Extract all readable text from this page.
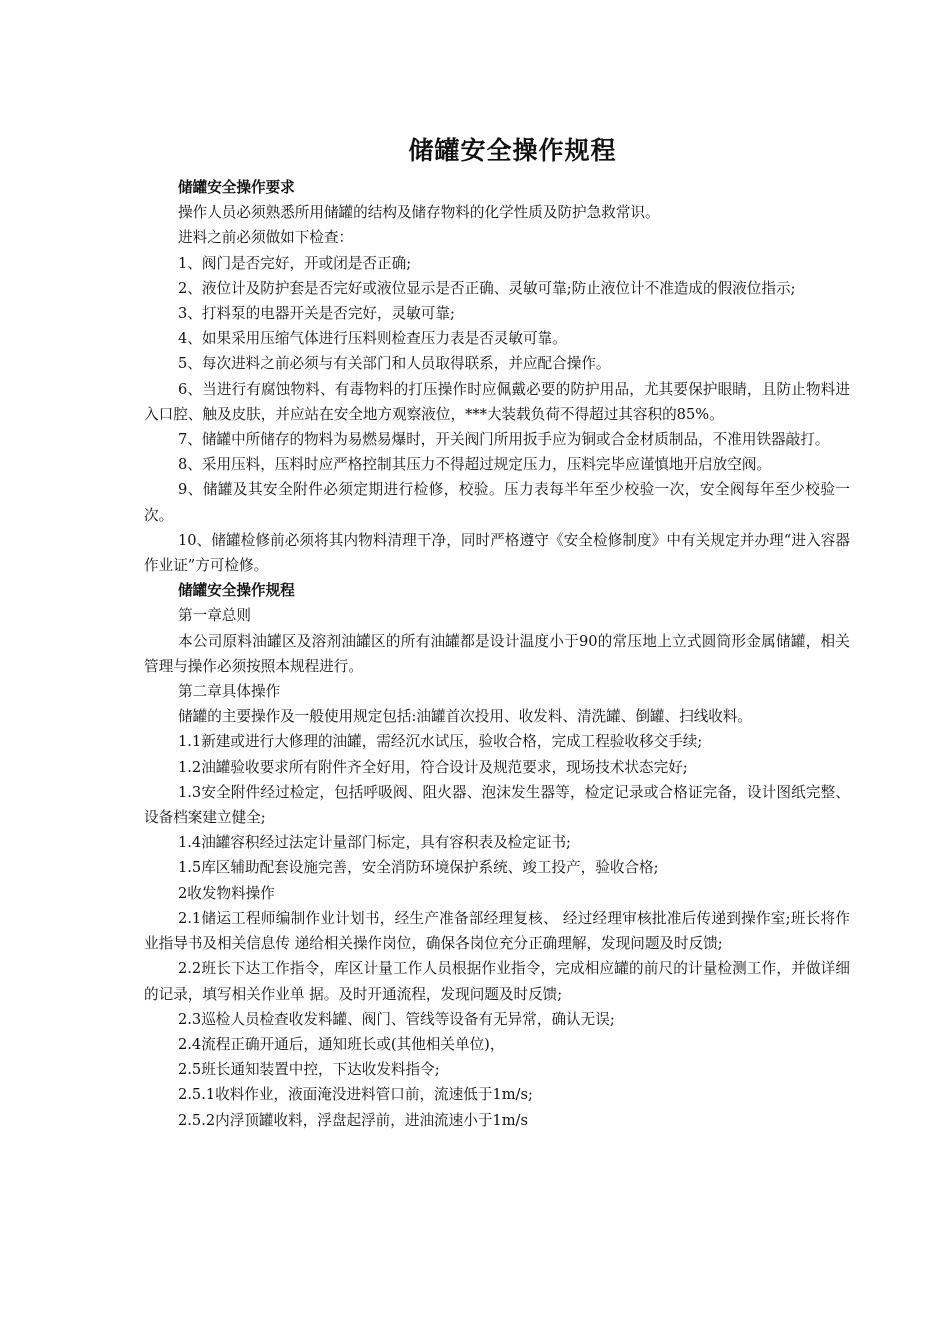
储罐安全操作规程

储罐安全操作要求

操作人员必须熟悉所用储罐的结构及储存物料的化学性质及防护急救常识。

进料之前必须做如下检查：

1、阀门是否完好，开或闭是否正确;

2、液位计及防护套是否完好或液位显示是否正确、灵敏可靠;防止液位计不准造成的假液位指示;

3、打料泵的电器开关是否完好，灵敏可靠;

4、如果采用压缩气体进行压料则检查压力表是否灵敏可靠。

5、每次进料之前必须与有关部门和人员取得联系，并应配合操作。

6、当进行有腐蚀物料、有毒物料的打压操作时应佩戴必要的防护用品，尤其要保护眼睛，且防止物料进入口腔、触及皮肤，并应站在安全地方观察液位，***大装载负荷不得超过其容积的85%。

7、储罐中所储存的物料为易燃易爆时，开关阀门所用扳手应为铜或合金材质制品，不准用铁器敲打。

8、采用压料，压料时应严格控制其压力不得超过规定压力，压料完毕应谨慎地开启放空阀。

9、储罐及其安全附件必须定期进行检修，校验。压力表每半年至少校验一次，安全阀每年至少校验一次。

10、储罐检修前必须将其内物料清理干净，同时严格遵守《安全检修制度》中有关规定并办理“进入容器作业证”方可检修。

储罐安全操作规程

第一章总则

本公司原料油罐区及溶剂油罐区的所有油罐都是设计温度小于90的常压地上立式圆筒形金属储罐，相关管理与操作必须按照本规程进行。

第二章具体操作

储罐的主要操作及一般使用规定包括:油罐首次投用、收发料、清洗罐、倒罐、扫线收料。

1.1新建或进行大修理的油罐，需经沉水试压，验收合格，完成工程验收移交手续;

1.2油罐验收要求所有附件齐全好用，符合设计及规范要求，现场技术状态完好;

1.3安全附件经过检定，包括呼吸阀、阻火器、泡沫发生器等，检定记录或合格证完备，设计图纸完整、设备档案建立健全;

1.4油罐容积经过法定计量部门标定，具有容积表及检定证书;

1.5库区辅助配套设施完善，安全消防环境保护系统、竣工投产，验收合格;

2收发物料操作

2.1储运工程师编制作业计划书，经生产准备部经理复核、 经过经理审核批准后传递到操作室;班长将作业指导书及相关信息传 递给相关操作岗位，确保各岗位充分正确理解，发现问题及时反馈;

2.2班长下达工作指令，库区计量工作人员根据作业指令，完成相应罐的前尺的计量检测工作，并做详细的记录，填写相关作业单 据。及时开通流程，发现问题及时反馈;

2.3巡检人员检查收发料罐、阀门、管线等设备有无异常，确认无误;

2.4流程正确开通后，通知班长或(其他相关单位)，

2.5班长通知装置中控，下达收发料指令;

2.5.1收料作业，液面淹没进料管口前，流速低于1m/s;

2.5.2内浮顶罐收料，浮盘起浮前，进油流速小于1m/s
